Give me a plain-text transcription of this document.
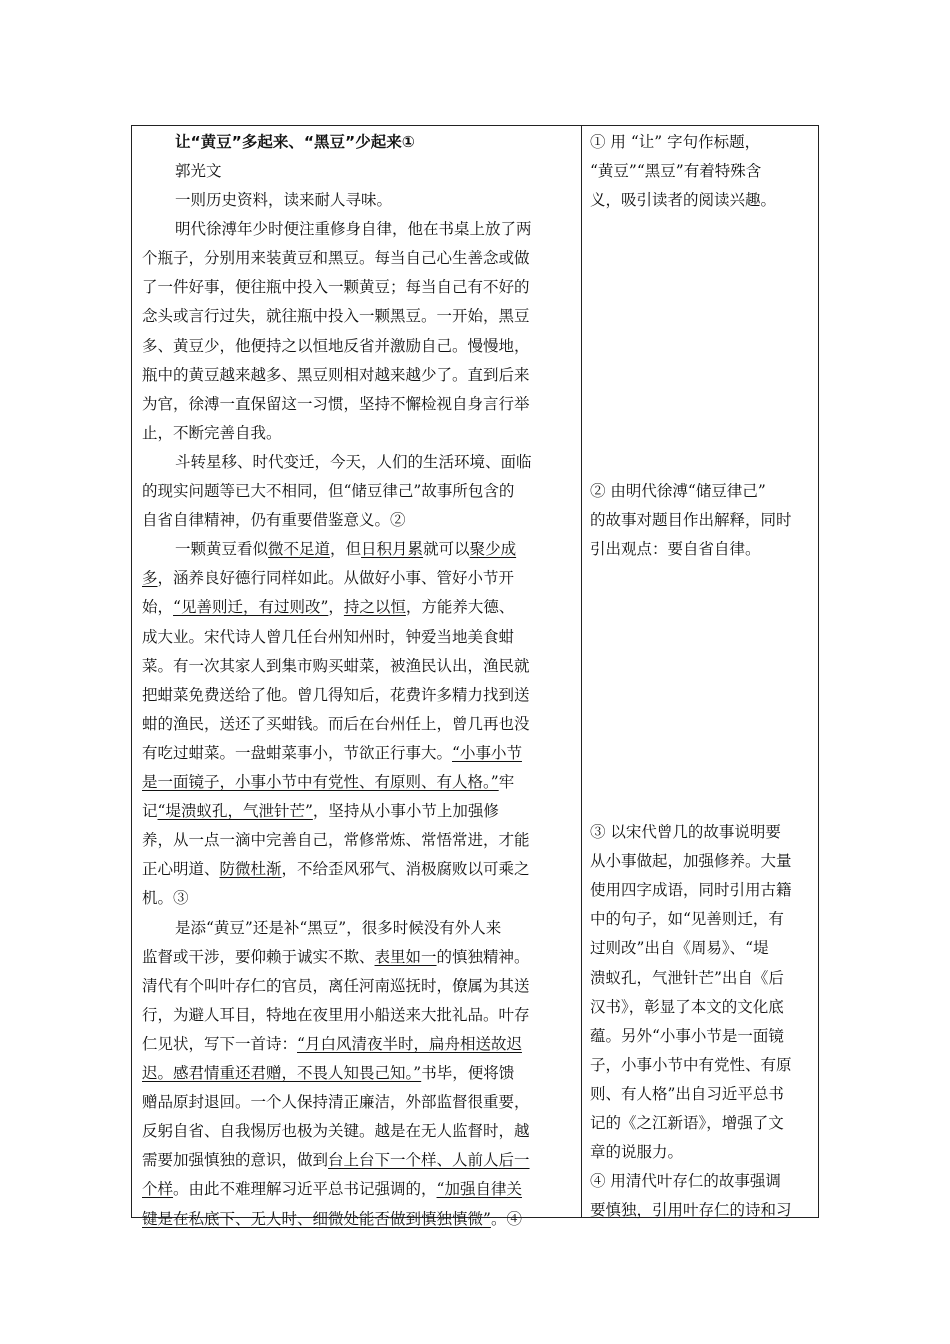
让“黄豆”多起来、“黑豆”少起来①
郭光文
一则历史资料，读来耐人寻味。
明代徐溥年少时便注重修身自律，他在书桌上放了两
个瓶子，分别用来装黄豆和黑豆。每当自己心生善念或做
了一件好事，便往瓶中投入一颗黄豆；每当自己有不好的
念头或言行过失，就往瓶中投入一颗黑豆。一开始，黑豆
多、黄豆少，他便持之以恒地反省并激励自己。慢慢地，
瓶中的黄豆越来越多、黑豆则相对越来越少了。直到后来
为官，徐溥一直保留这一习惯，坚持不懈检视自身言行举
止，不断完善自我。
斗转星移、时代变迁，今天，人们的生活环境、面临
的现实问题等已大不相同，但“储豆律己”故事所包含的
自省自律精神，仍有重要借鉴意义。②
一颗黄豆看似微不足道，但日积月累就可以聚少成
多，涵养良好德行同样如此。从做好小事、管好小节开
始，“见善则迁，有过则改”，持之以恒，方能养大德、
成大业。宋代诗人曾几任台州知州时，钟爱当地美食蚶
菜。有一次其家人到集市购买蚶菜，被渔民认出，渔民就
把蚶菜免费送给了他。曾几得知后，花费许多精力找到送
蚶的渔民，送还了买蚶钱。而后在台州任上，曾几再也没
有吃过蚶菜。一盘蚶菜事小，节欲正行事大。“小事小节
是一面镜子，小事小节中有党性、有原则、有人格。”牢
记“堤溃蚁孔，气泄针芒”，坚持从小事小节上加强修
养，从一点一滴中完善自己，常修常炼、常悟常进，才能
正心明道、防微杜渐，不给歪风邪气、消极腐败以可乘之
机。③
是添“黄豆”还是补“黑豆”，很多时候没有外人来
监督或干涉，要仰赖于诚实不欺、表里如一的慎独精神。
清代有个叫叶存仁的官员，离任河南巡抚时，僚属为其送
行，为避人耳目，特地在夜里用小船送来大批礼品。叶存
仁见状，写下一首诗：“月白风清夜半时，扁舟相送故迟
迟。感君情重还君赠，不畏人知畏己知。”书毕，便将馈
赠品原封退回。一个人保持清正廉洁，外部监督很重要，
反躬自省、自我惕厉也极为关键。越是在无人监督时，越
需要加强慎独的意识，做到台上台下一个样、人前人后一
个样。由此不难理解习近平总书记强调的，“加强自律关
键是在私底下、无人时、细微处能否做到慎独慎微”。④
① 用 “让” 字句作标题，
“黄豆”“黑豆”有着特殊含
义，吸引读者的阅读兴趣。
② 由明代徐溥“储豆律己”
的故事对题目作出解释，同时
引出观点：要自省自律。
③ 以宋代曾几的故事说明要
从小事做起，加强修养。大量
使用四字成语，同时引用古籍
中的句子，如“见善则迁，有
过则改”出自《周易》、“堤
溃蚁孔，气泄针芒”出自《后
汉书》，彰显了本文的文化底
蕴。另外“小事小节是一面镜
子，小事小节中有党性、有原
则、有人格”出自习近平总书
记的《之江新语》，增强了文
章的说服力。
④ 用清代叶存仁的故事强调
要慎独，引用叶存仁的诗和习
